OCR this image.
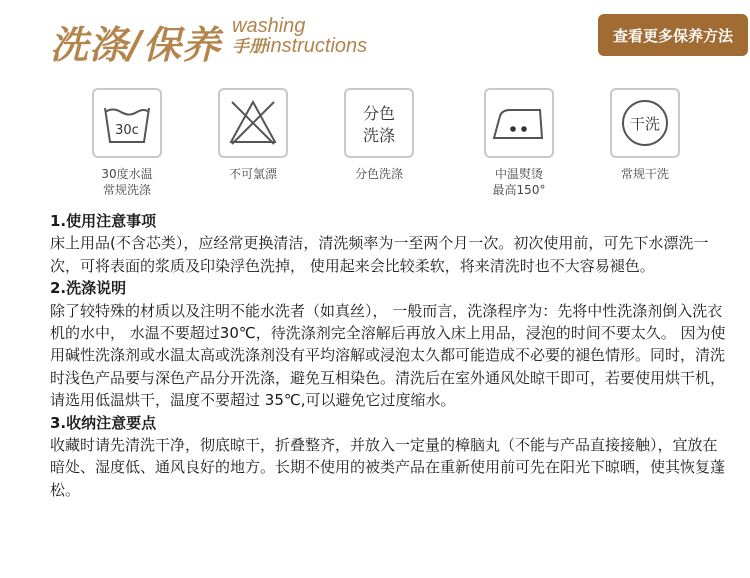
洗涤/保养 washing
手册instructions	查看更多保养方法
30c
30度水温
常规洗涤
不可氯漂
分色
洗涤
分色洗涤	中温熨烫
最高150°
干洗
常规干洗
1.使用注意事项

床上用品(不含芯类），应经常更换清洁，清洗频率为一至两个月一次。初次使用前，可先下水漂洗一次，可将表面的浆质及印染浮色洗掉， 使用起来会比较柔软，将来清洗时也不大容易褪色。

2.洗涤说明

除了较特殊的材质以及注明不能水洗者（如真丝）， 一般而言，洗涤程序为：先将中性洗涤剂倒入洗衣机的水中， 水温不要超过30℃，待洗涤剂完全溶解后再放入床上用品，浸泡的时间不要太久。 因为使用碱性洗涤剂或水温太高或洗涤剂没有平均溶解或浸泡太久都可能造成不必要的褪色情形。同时，清洗时浅色产品要与深色产品分开洗涤，避免互相染色。清洗后在室外通风处晾干即可，若要使用烘干机，请选用低温烘干，温度不要超过 35℃,可以避免它过度缩水。

3.收纳注意要点

收藏时请先清洗干净，彻底晾干，折叠整齐，并放入一定量的樟脑丸（不能与产品直接接触），宜放在暗处、湿度低、通风良好的地方。长期不使用的被类产品在重新使用前可先在阳光下晾晒，使其恢复蓬松。
